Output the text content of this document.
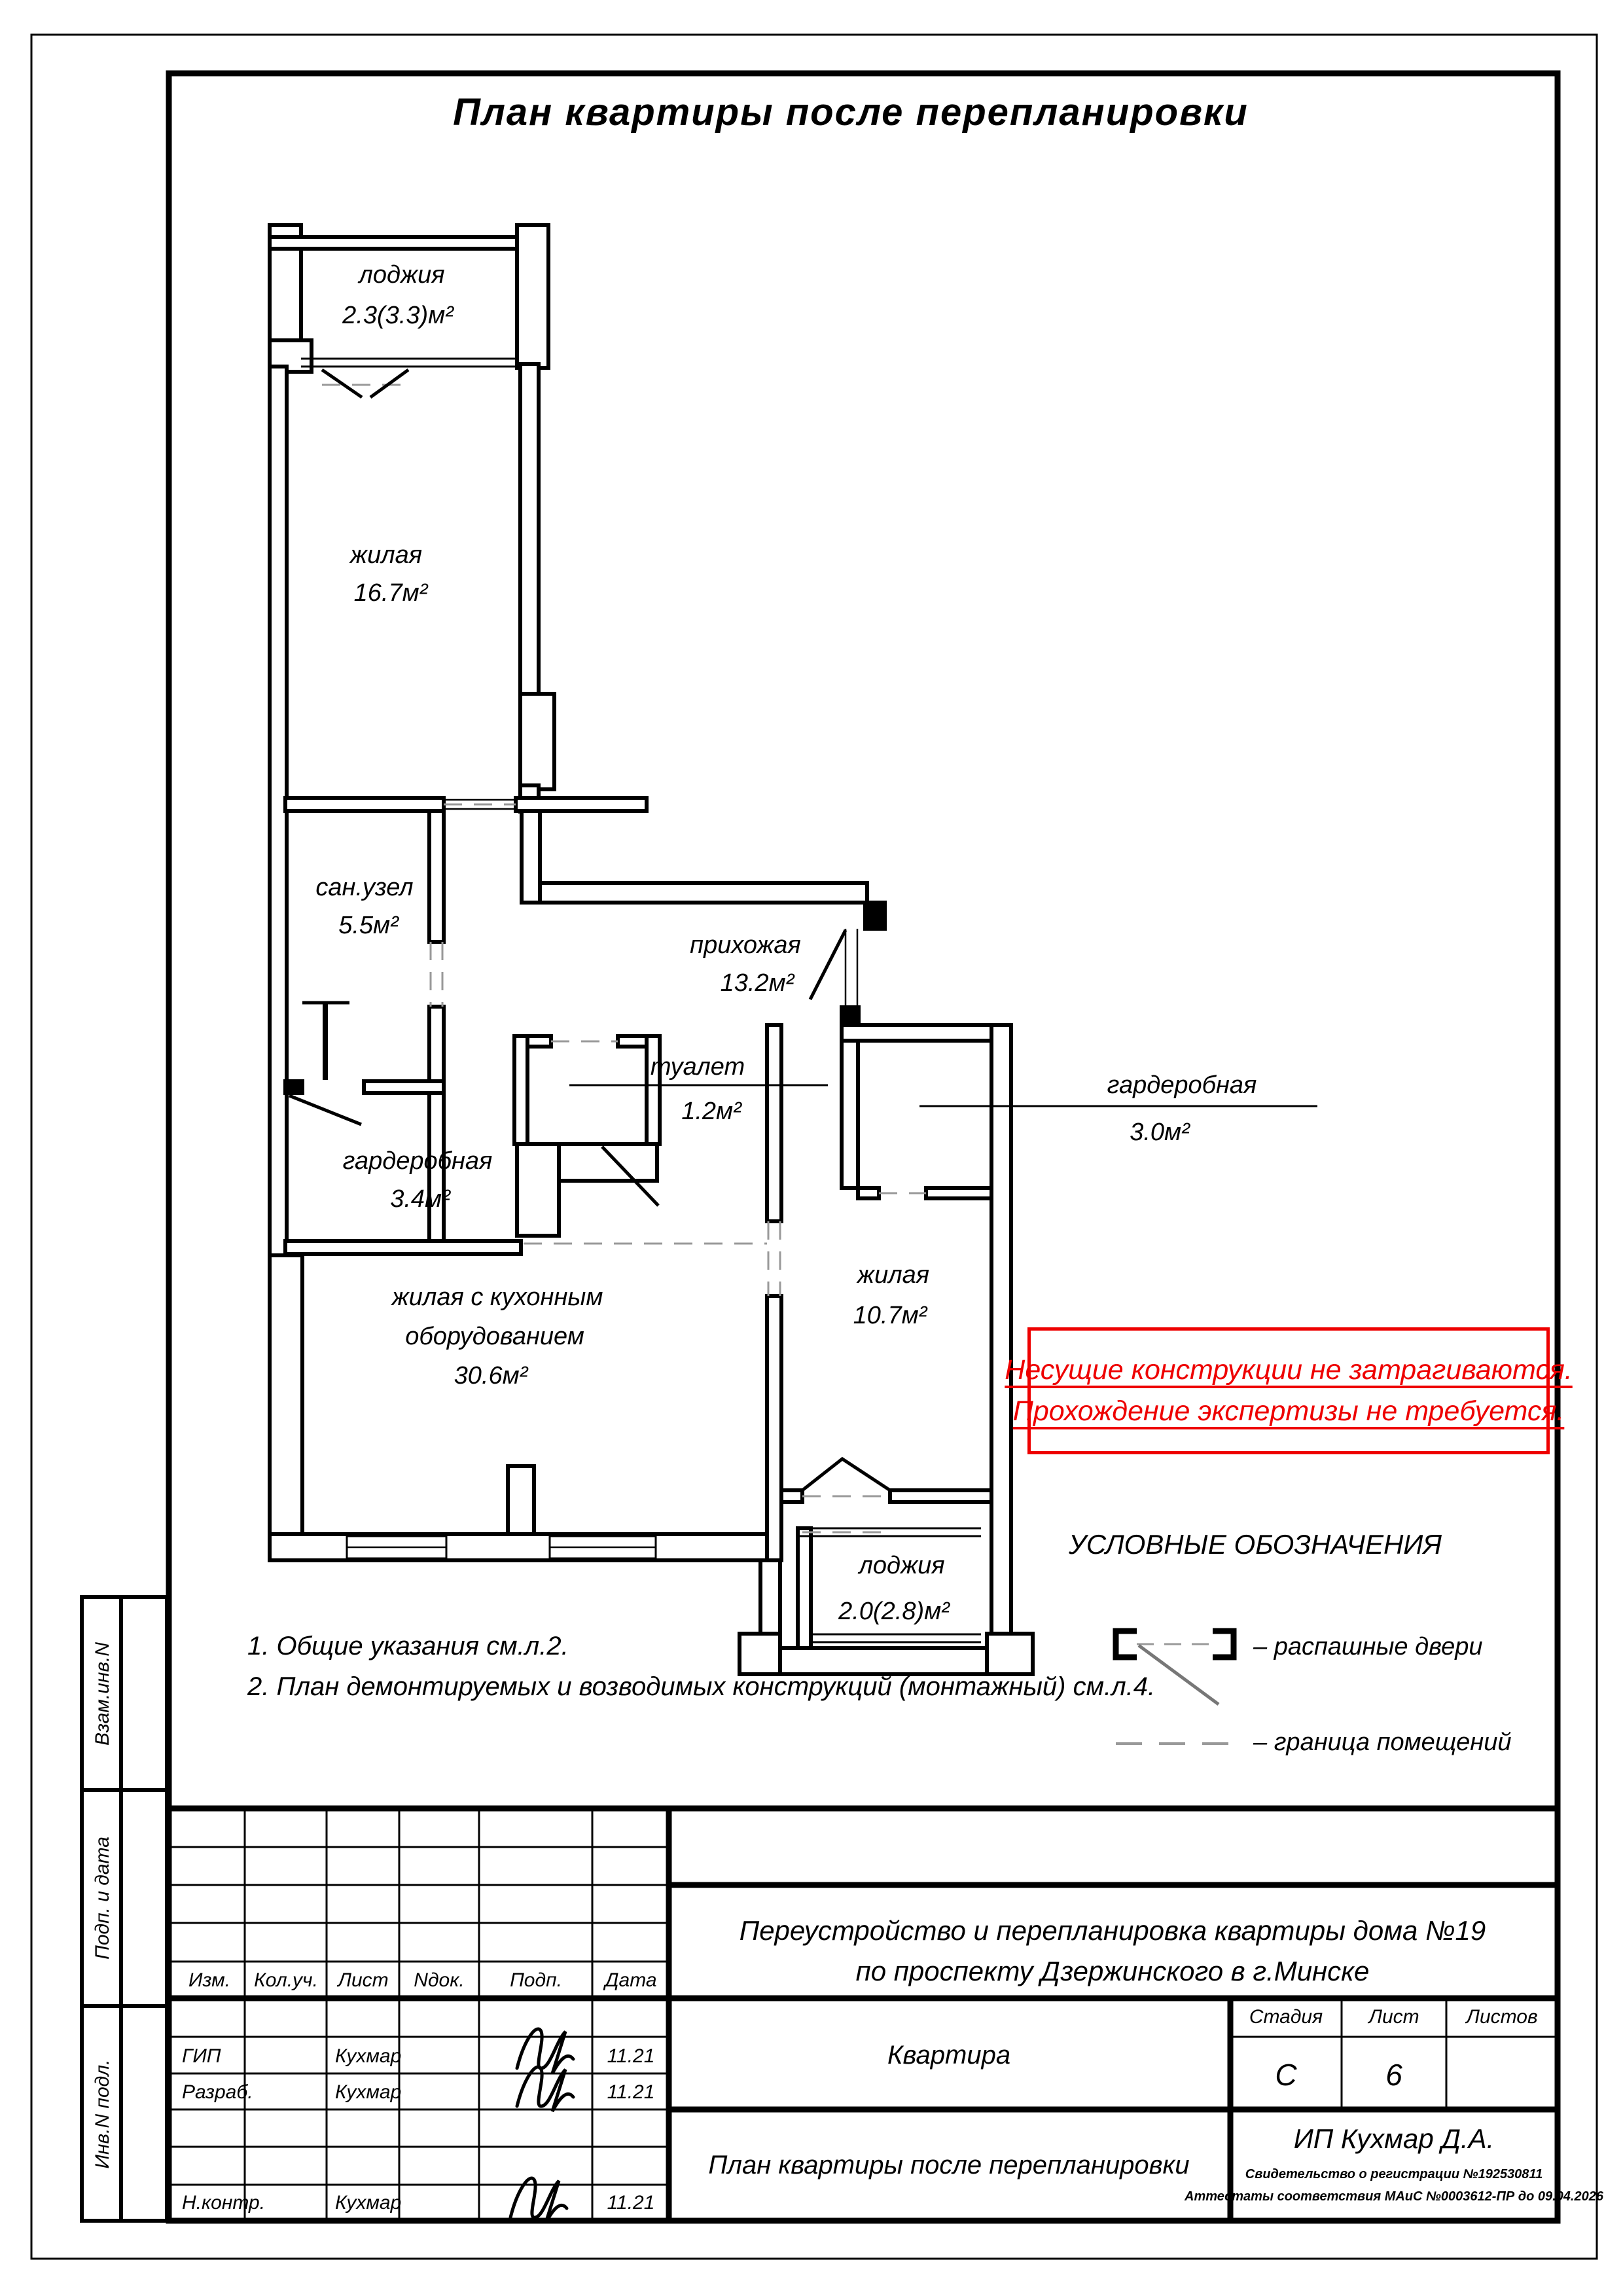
План квартиры после перепланировки
лоджия
2.3(3.3)м²
жилая
16.7м²
сан.узел
5.5м²
прихожая
13.2м²
туалет
1.2м²
гардеробная
3.4м²
гардеробная
3.0м²
жилая с кухонным
оборудованием
30.6м²
жилая
10.7м²
лоджия
2.0(2.8)м²
Несущие конструкции не затрагиваются.
Прохождение экспертизы не требуется.
УСЛОВНЫЕ ОБОЗНАЧЕНИЯ
– распашные двери
– граница помещений
1. Общие указания см.л.2.
2. План демонтируемых и возводимых конструкций (монтажный) см.л.4.
Изм. Кол.уч. Лист Nдок. Подп. Дата
ГИП	Кухмар	11.21
Разраб.	Кухмар	11.21
Н.контр.	Кухмар	11.21
Переустройство и перепланировка квартиры дома №19
по проспекту Дзержинского в г.Минске
Квартира
Стадия Лист Листов
С	6
План квартиры после перепланировки
ИП Кухмар Д.А.
Свидетельство о регистрации №192530811
Аттестаты соответствия МАиС №0003612-ПР до 09.04.2026
Взам.инв.N
Подп. и дата
Инв.N подл.
